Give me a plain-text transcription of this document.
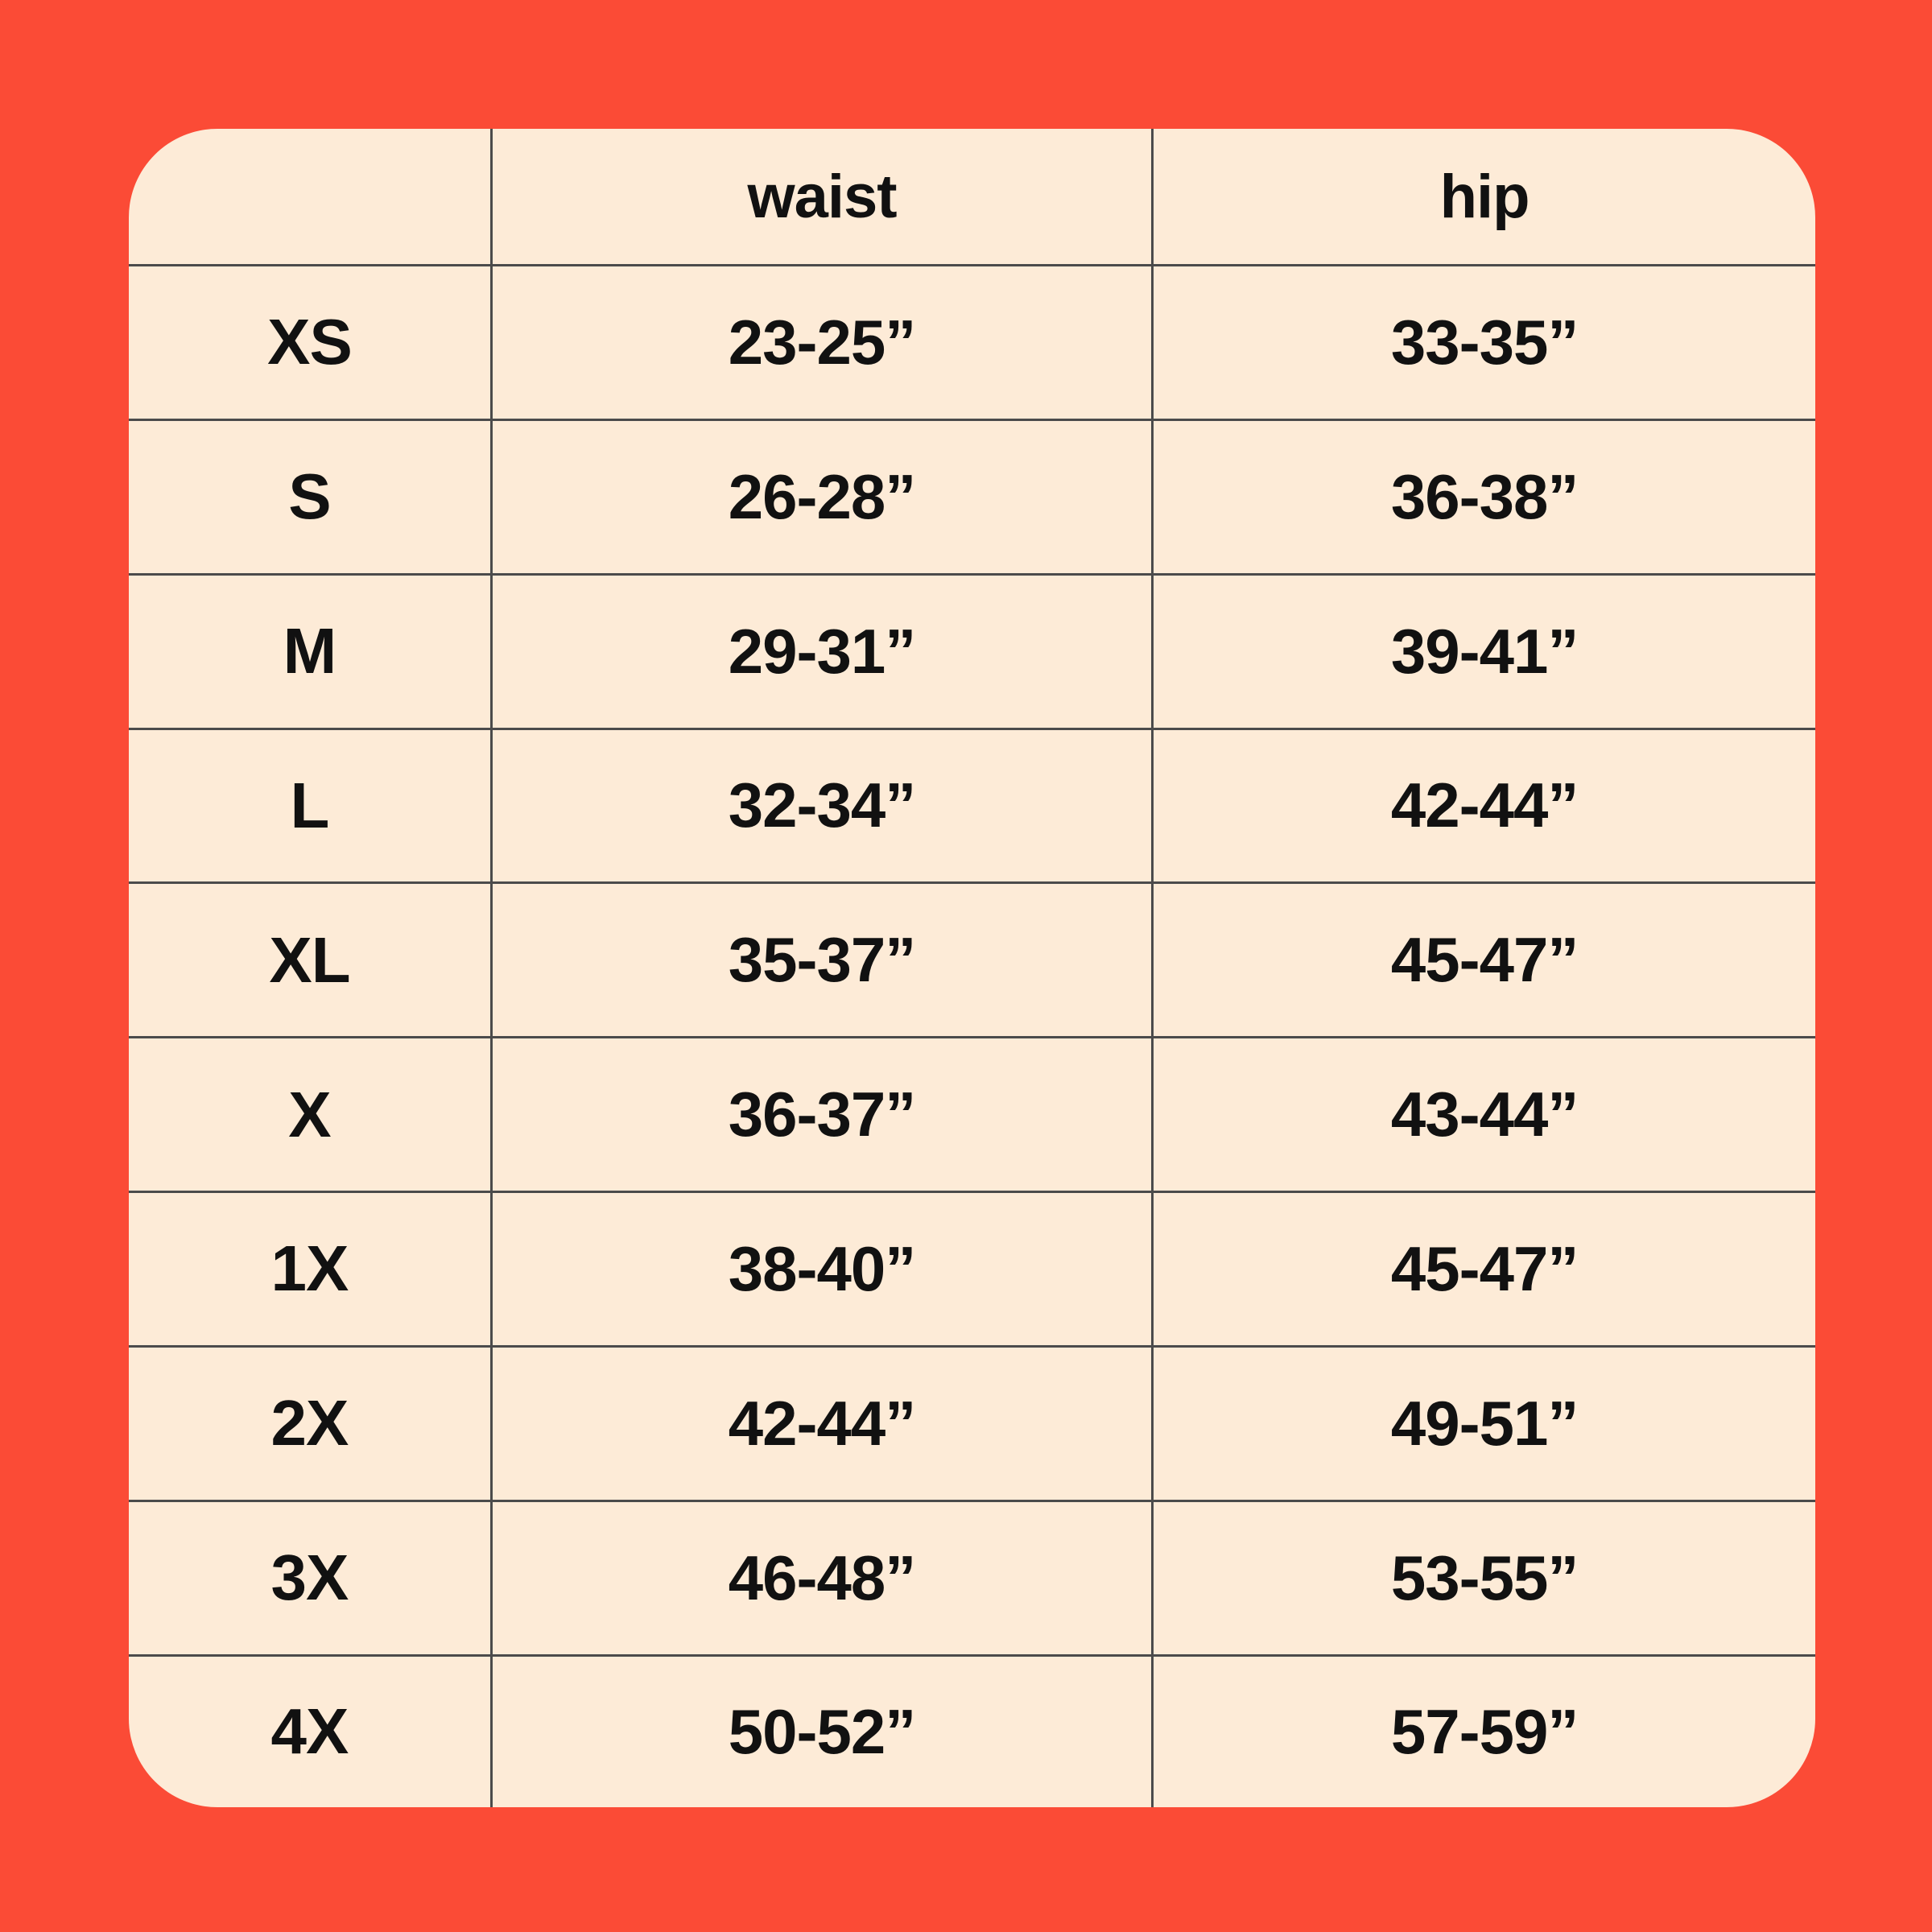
	waist	hip
XS	23-25”	33-35”
S	26-28”	36-38”
M	29-31”	39-41”
L	32-34”	42-44”
XL	35-37”	45-47”
X	36-37”	43-44”
1X	38-40”	45-47”
2X	42-44”	49-51”
3X	46-48”	53-55”
4X	50-52”	57-59”
